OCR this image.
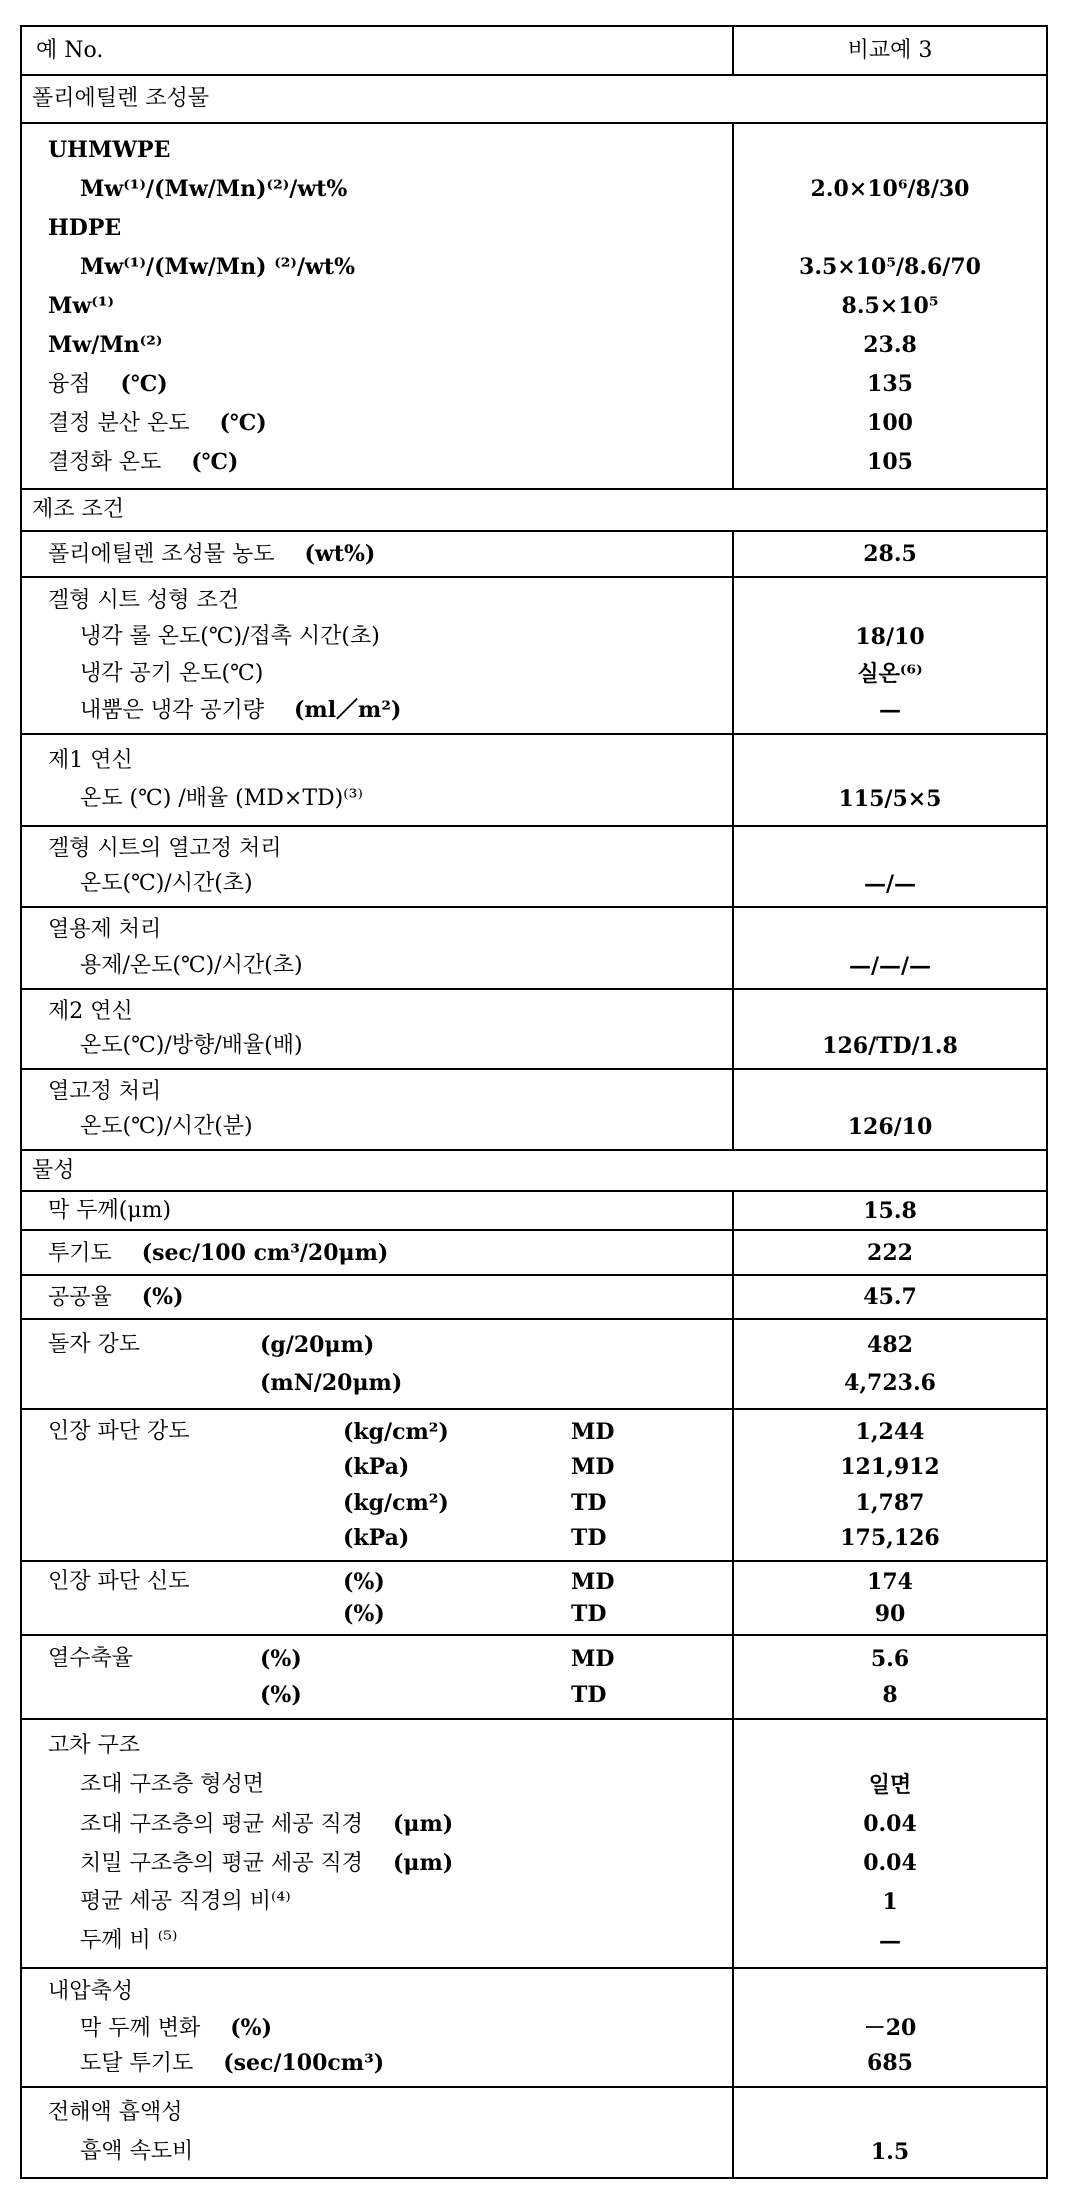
예 No.	비교예 3
폴리에틸렌 조성물
UHMWPE
Mw⁽¹⁾/(Mw/Mn)⁽²⁾/wt%
HDPE
Mw⁽¹⁾/(Mw/Mn) ⁽²⁾/wt%
Mw⁽¹⁾
Mw/Mn⁽²⁾
융점 (℃)
결정 분산 온도 (℃)
결정화 온도 (℃)
2.0×10⁶/8/30
3.5×10⁵/8.6/70
8.5×10⁵
23.8
135
100
105
제조 조건
폴리에틸렌 조성물 농도 (wt%)	28.5
겔형 시트 성형 조건
냉각 롤 온도(℃)/접촉 시간(초)
냉각 공기 온도(℃)
내뿜은 냉각 공기량 (ml／m²)
18/10
실온⁽⁶⁾
—
제1 연신
온도 (℃) /배율 (MD×TD)⁽³⁾	115/5×5
겔형 시트의 열고정 처리
온도(℃)/시간(초)	—/—
열용제 처리
용제/온도(℃)/시간(초)	—/—/—
제2 연신
온도(℃)/방향/배율(배)	126/TD/1.8
열고정 처리
온도(℃)/시간(분)	126/10
물성
막 두께(μm)	15.8
투기도 (sec/100 cm³/20μm)	222
공공율 (%)	45.7
돌자 강도	(g/20μm)
(mN/20μm)
482
4,723.6
인장 파단 강도	(kg/cm²)	MD
(kPa)	MD
(kg/cm²)	TD
(kPa)	TD
1,244
121,912
1,787
175,126
인장 파단 신도	(%)	MD
(%)	TD
174
90
열수축율	(%)	MD
(%)	TD
5.6
8
고차 구조
조대 구조층 형성면
조대 구조층의 평균 세공 직경 (μm)
치밀 구조층의 평균 세공 직경 (μm)
평균 세공 직경의 비⁽⁴⁾
두께 비 ⁽⁵⁾
일면
0.04
0.04
1
—
내압축성
막 두께 변화 (%)
도달 투기도 (sec/100cm³)
－20
685
전해액 흡액성
흡액 속도비	1.5
